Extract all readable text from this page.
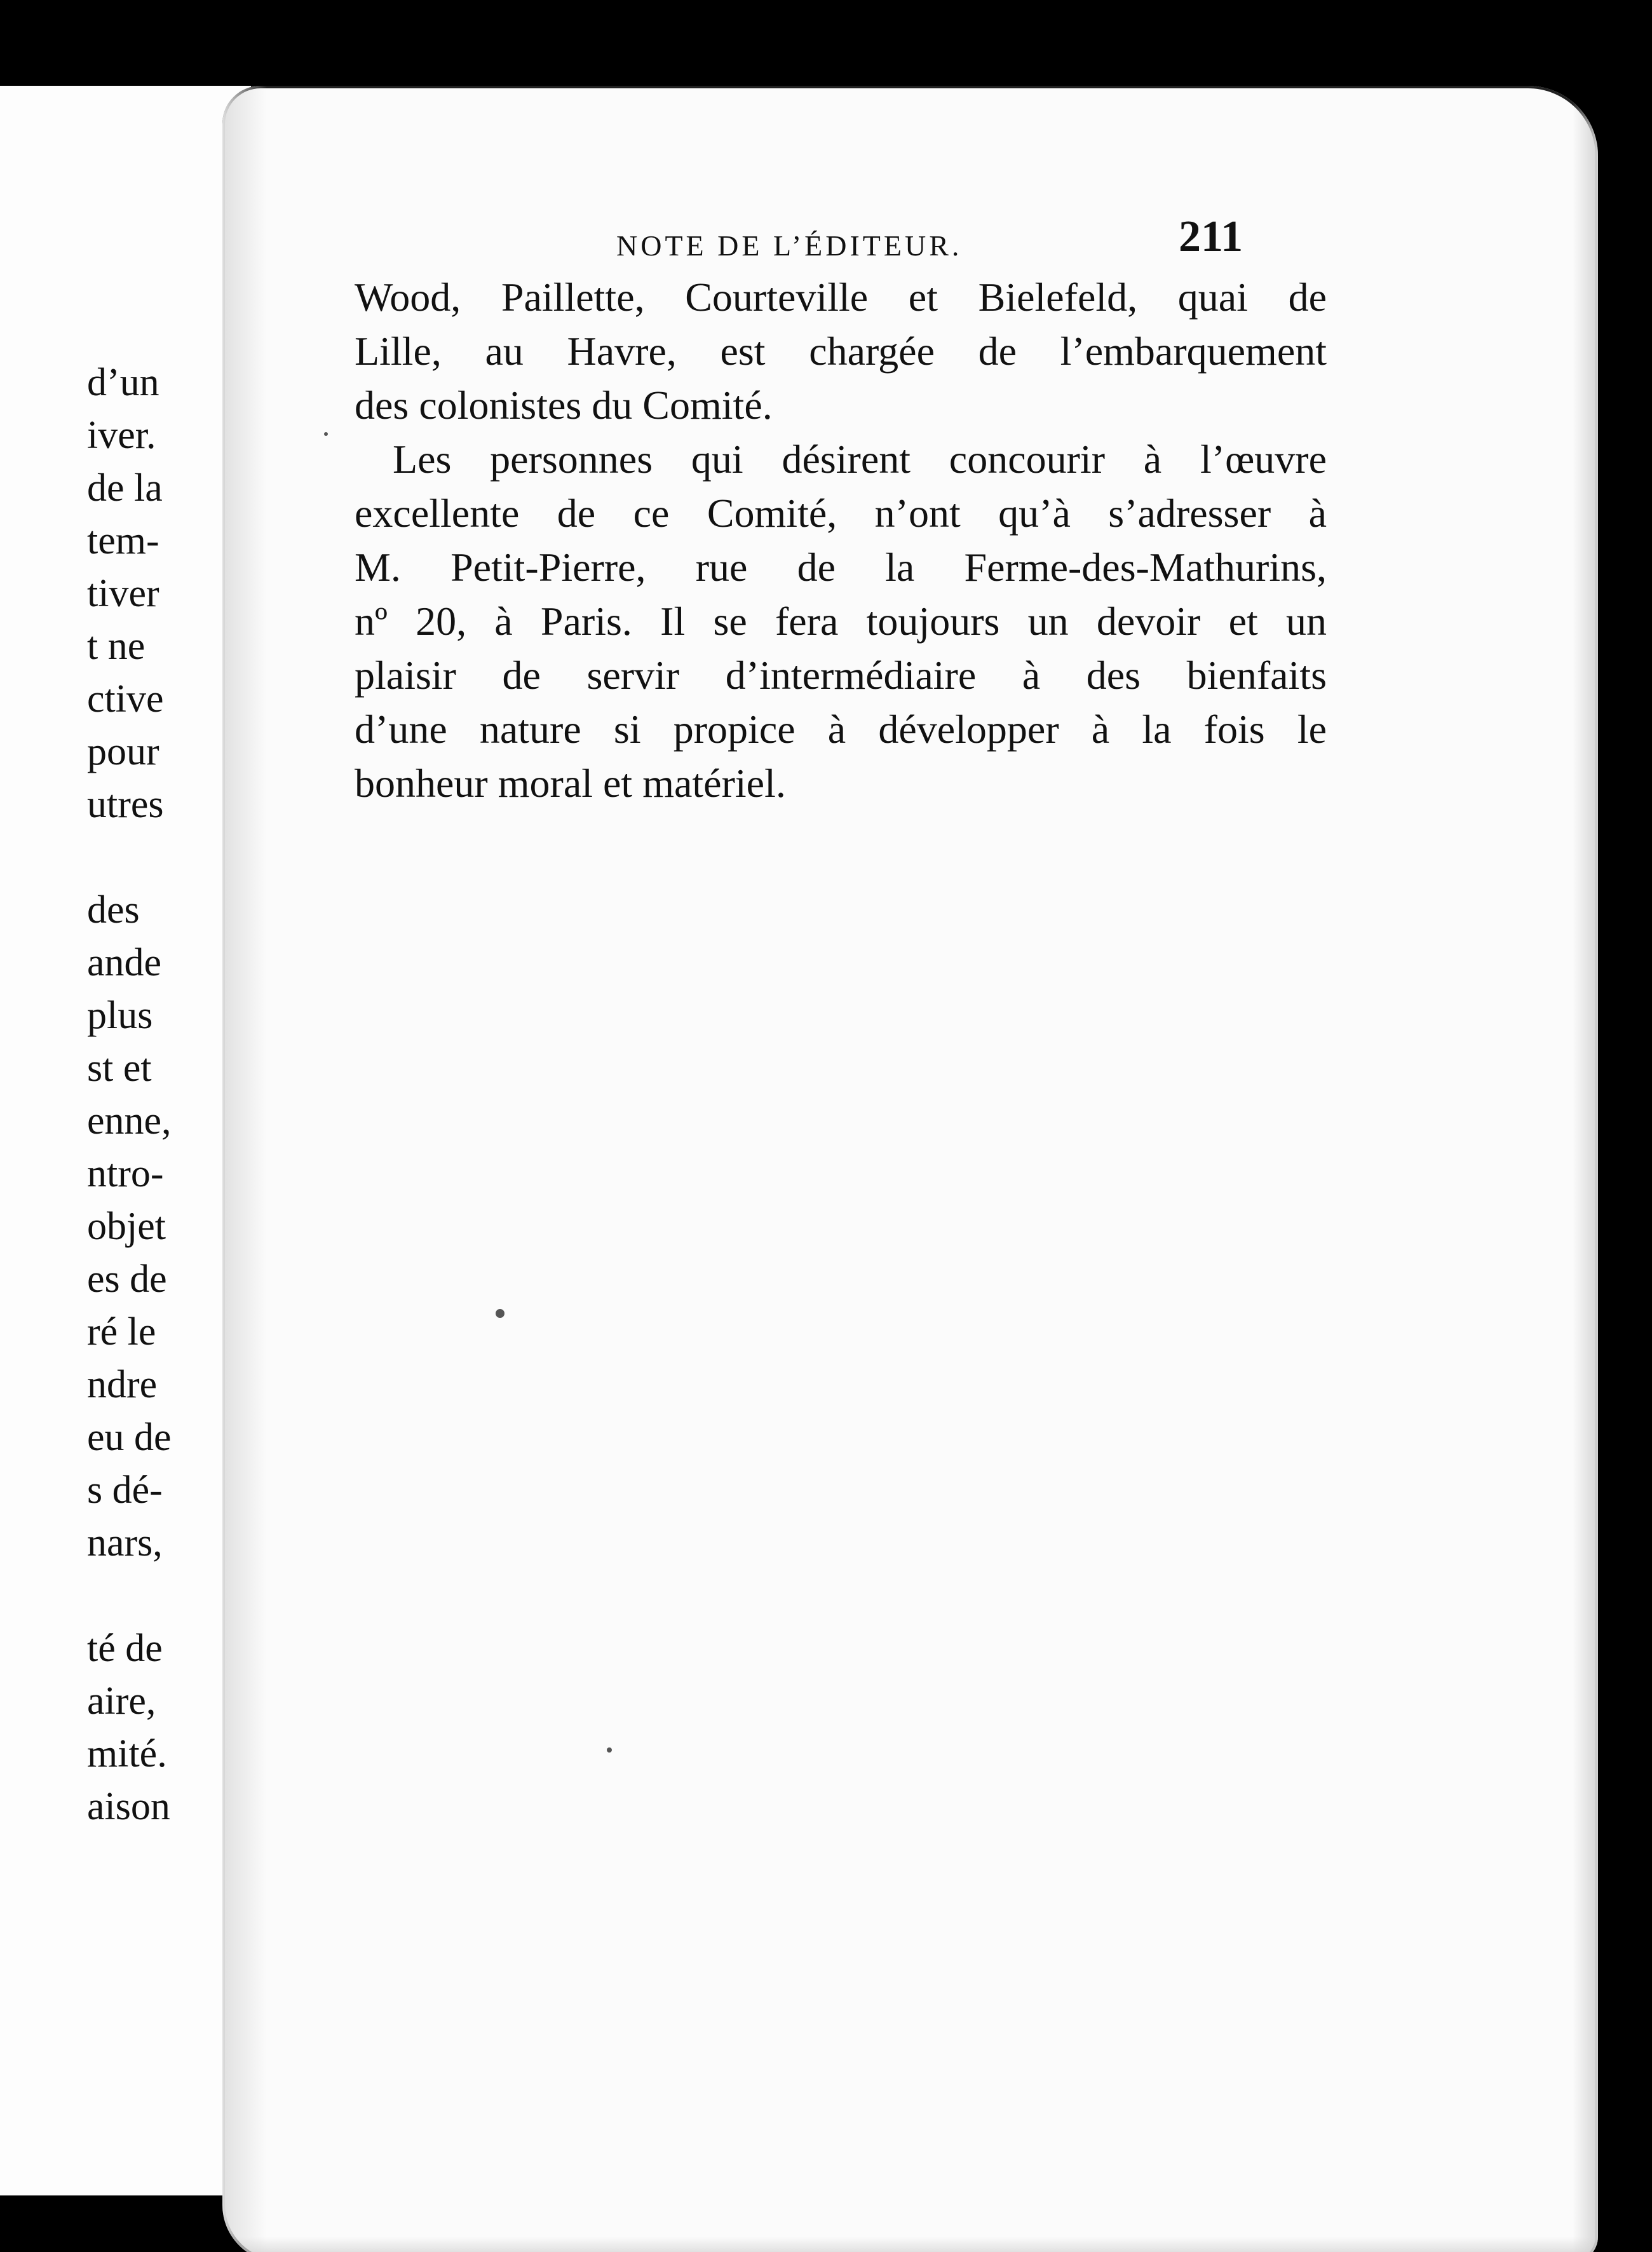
d’un
iver.
de la
tem-
tiver
t ne
ctive
pour
utres
des
ande
plus
st et
enne,
ntro-
objet
es de
ré le
ndre
eu de
s dé-
nars,
té de
aire,
mité.
aison
NOTE DE L’ÉDITEUR.	211
Wood, Paillette, Courteville et Bielefeld, quai de
Lille, au Havre, est chargée de l’embarquement
des colonistes du Comité.
Les personnes qui désirent concourir à l’œuvre
excellente de ce Comité, n’ont qu’à s’adresser à
M. Petit-Pierre, rue de la Ferme-des-Mathurins,
nº 20, à Paris. Il se fera toujours un devoir et un
plaisir de servir d’intermédiaire à des bienfaits
d’une nature si propice à développer à la fois le
bonheur moral et matériel.
